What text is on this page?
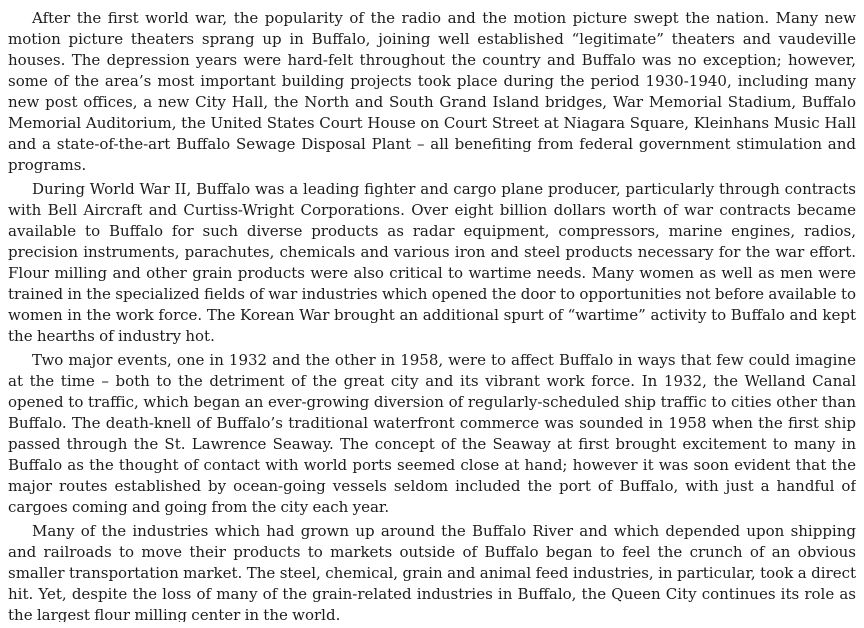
After the first world war, the popularity of the radio and the motion picture swept the nation. Many new motion picture theaters sprang up in Buffalo, joining well established “legitimate” theaters and vaudeville houses. The depression years were hard-felt throughout the country and Buffalo was no exception; however, some of the area’s most important building projects took place during the period 1930-1940, including many new post offices, a new City Hall, the North and South Grand Island bridges, War Memorial Stadium, Buffalo Memorial Auditorium, the United States Court House on Court Street at Niagara Square, Kleinhans Music Hall and a state-of-the-art Buffalo Sewage Disposal Plant – all benefiting from federal government stimulation and programs.

During World War II, Buffalo was a leading fighter and cargo plane producer, particularly through contracts with Bell Aircraft and Curtiss-Wright Corporations. Over eight billion dollars worth of war contracts became available to Buffalo for such diverse products as radar equipment, compressors, marine engines, radios, precision instruments, parachutes, chemicals and various iron and steel products necessary for the war effort. Flour milling and other grain products were also critical to wartime needs. Many women as well as men were trained in the specialized fields of war industries which opened the door to opportunities not before available to women in the work force. The Korean War brought an additional spurt of “wartime” activity to Buffalo and kept the hearths of industry hot.

Two major events, one in 1932 and the other in 1958, were to affect Buffalo in ways that few could imagine at the time – both to the detriment of the great city and its vibrant work force. In 1932, the Welland Canal opened to traffic, which began an ever-growing diversion of regularly-scheduled ship traffic to cities other than Buffalo. The death-knell of Buffalo’s traditional waterfront commerce was sounded in 1958 when the first ship passed through the St. Lawrence Seaway. The concept of the Seaway at first brought excitement to many in Buffalo as the thought of contact with world ports seemed close at hand; however it was soon evident that the major routes established by ocean-going vessels seldom included the port of Buffalo, with just a handful of cargoes coming and going from the city each year.

Many of the industries which had grown up around the Buffalo River and which depended upon shipping and railroads to move their products to markets outside of Buffalo began to feel the crunch of an obvious smaller transportation market. The steel, chemical, grain and animal feed industries, in particular, took a direct hit. Yet, despite the loss of many of the grain-related industries in Buffalo, the Queen City continues its role as the largest flour milling center in the world.
